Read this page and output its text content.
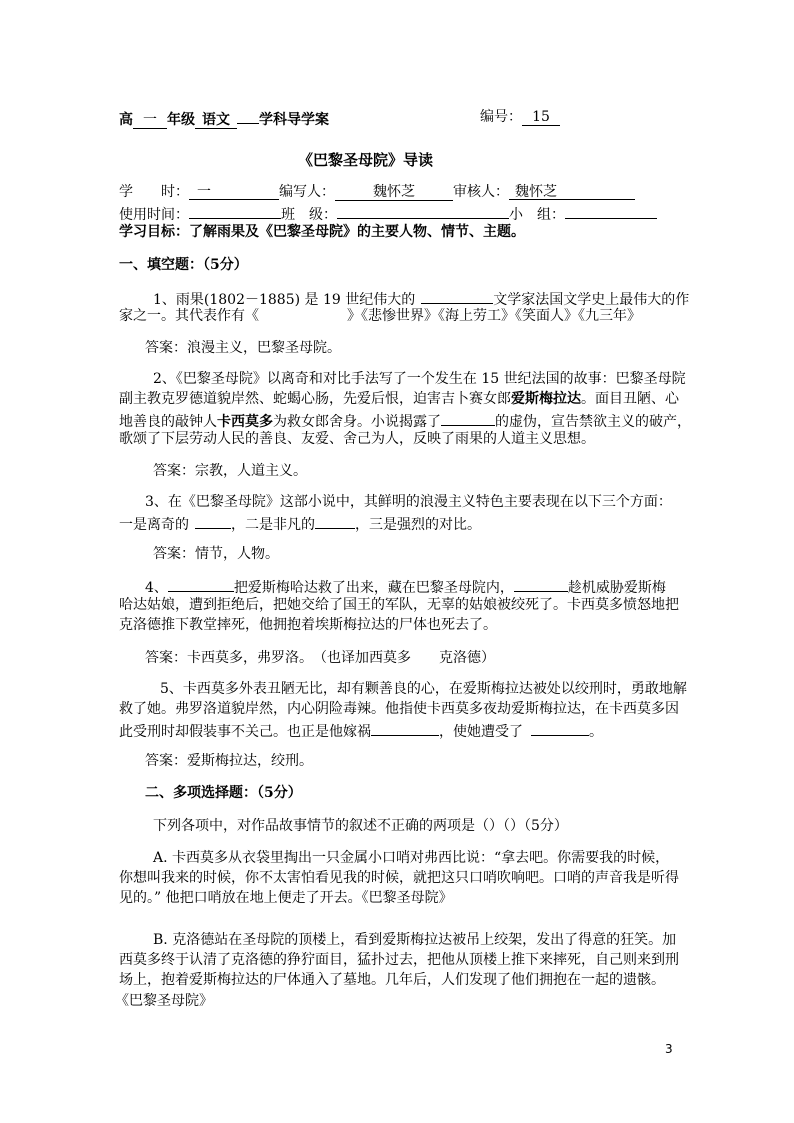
高 一 年级 语文 学科导学案	编号： 15
《巴黎圣母院》导读
学　　时： 一	编写人：	魏怀芝	审核人： 魏怀芝
使用时间：	班　级：	小　组：
学习目标：了解雨果及《巴黎圣母院》的主要人物、情节、主题。
一、填空题：（5分）
1、雨果(1802－1885) 是 19 世纪伟大的	文学家法国文学史上最伟大的作
家之一。其代表作有《	》《悲惨世界》《海上劳工》《笑面人》《九三年》
答案：浪漫主义，巴黎圣母院。
2、《巴黎圣母院》以离奇和对比手法写了一个发生在 15 世纪法国的故事：巴黎圣母院
副主教克罗德道貌岸然、蛇蝎心肠，先爱后恨，迫害吉卜赛女郎爱斯梅拉达。面目丑陋、心
地善良的敲钟人卡西莫多为救女郎舍身。小说揭露了	的虚伪，宣告禁欲主义的破产，
歌颂了下层劳动人民的善良、友爱、舍己为人，反映了雨果的人道主义思想。
答案：宗教，人道主义。
3、在《巴黎圣母院》这部小说中，其鲜明的浪漫主义特色主要表现在以下三个方面：
一是离奇的	，二是非凡的	，三是强烈的对比。
答案：情节，人物。
4、	把爱斯梅哈达救了出来，藏在巴黎圣母院内，	趁机威胁爱斯梅
哈达姑娘，遭到拒绝后，把她交给了国王的军队，无辜的姑娘被绞死了。卡西莫多愤怒地把
克洛德推下教堂摔死，他拥抱着埃斯梅拉达的尸体也死去了。
答案：卡西莫多，弗罗洛。　（也译加西莫多　　克洛德）
5、卡西莫多外表丑陋无比，却有颗善良的心，在爱斯梅拉达被处以绞刑时，勇敢地解
救了她。弗罗洛道貌岸然，内心阴险毒辣。他指使卡西莫多夜劫爱斯梅拉达，在卡西莫多因
此受刑时却假装事不关己。也正是他嫁祸	，使她遭受了	。
答案：爱斯梅拉达，绞刑。
二、多项选择题：（5分）
下列各项中，对作品故事情节的叙述不正确的两项是（）（）（5分）
A. 卡西莫多从衣袋里掏出一只金属小口哨对弗西比说：“拿去吧。你需要我的时候，
你想叫我来的时候，你不太害怕看见我的时候，就把这只口哨吹响吧。口哨的声音我是听得
见的。” 他把口哨放在地上便走了开去。《巴黎圣母院》
B. 克洛德站在圣母院的顶楼上，看到爱斯梅拉达被吊上绞架，发出了得意的狂笑。加
西莫多终于认清了克洛德的狰狞面目，猛扑过去，把他从顶楼上推下来摔死，自己则来到刑
场上，抱着爱斯梅拉达的尸体通入了墓地。几年后，人们发现了他们拥抱在一起的遗骸。
《巴黎圣母院》
3
